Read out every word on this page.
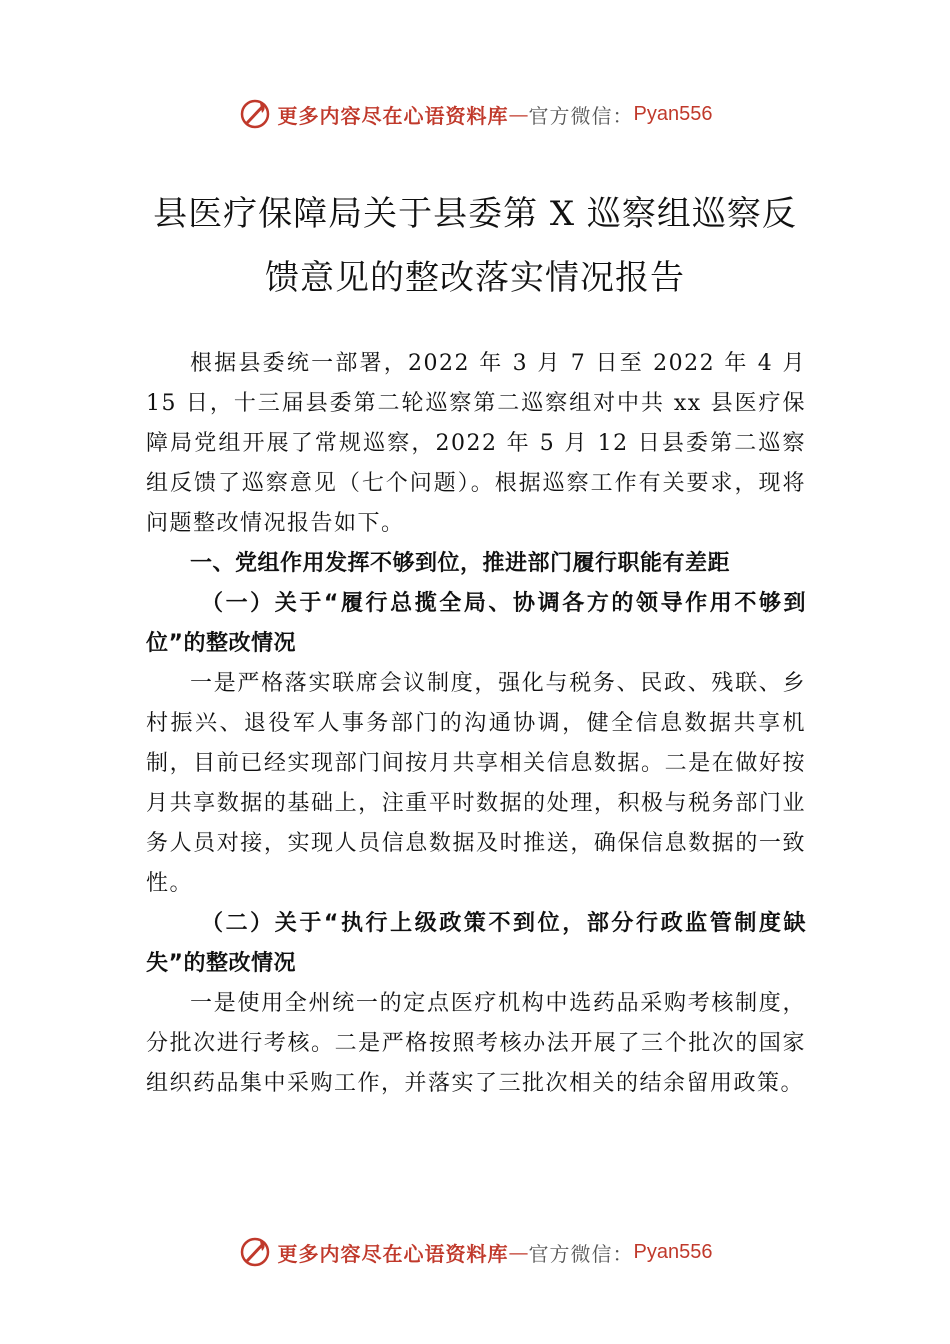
更多内容尽在心语资料库 — 官方微信： Pyan556
县医疗保障局关于县委第 X 巡察组巡察反
馈意见的整改落实情况报告

根据县委统一部署，2022 年 3 月 7 日至 2022 年 4 月 15 日，十三届县委第二轮巡察第二巡察组对中共 xx 县医疗保障局党组开展了常规巡察，2022 年 5 月 12 日县委第二巡察组反馈了巡察意见（七个问题）。根据巡察工作有关要求，现将问题整改情况报告如下。

一、党组作用发挥不够到位，推进部门履行职能有差距

（一）关于“履行总揽全局、协调各方的领导作用不够到位”的整改情况

一是严格落实联席会议制度，强化与税务、民政、残联、乡村振兴、退役军人事务部门的沟通协调，健全信息数据共享机制，目前已经实现部门间按月共享相关信息数据。二是在做好按月共享数据的基础上，注重平时数据的处理，积极与税务部门业务人员对接，实现人员信息数据及时推送，确保信息数据的一致性。

（二）关于“执行上级政策不到位，部分行政监管制度缺失”的整改情况

一是使用全州统一的定点医疗机构中选药品采购考核制度，分批次进行考核。二是严格按照考核办法开展了三个批次的国家组织药品集中采购工作，并落实了三批次相关的结余留用政策。

更多内容尽在心语资料库 — 官方微信： Pyan556
